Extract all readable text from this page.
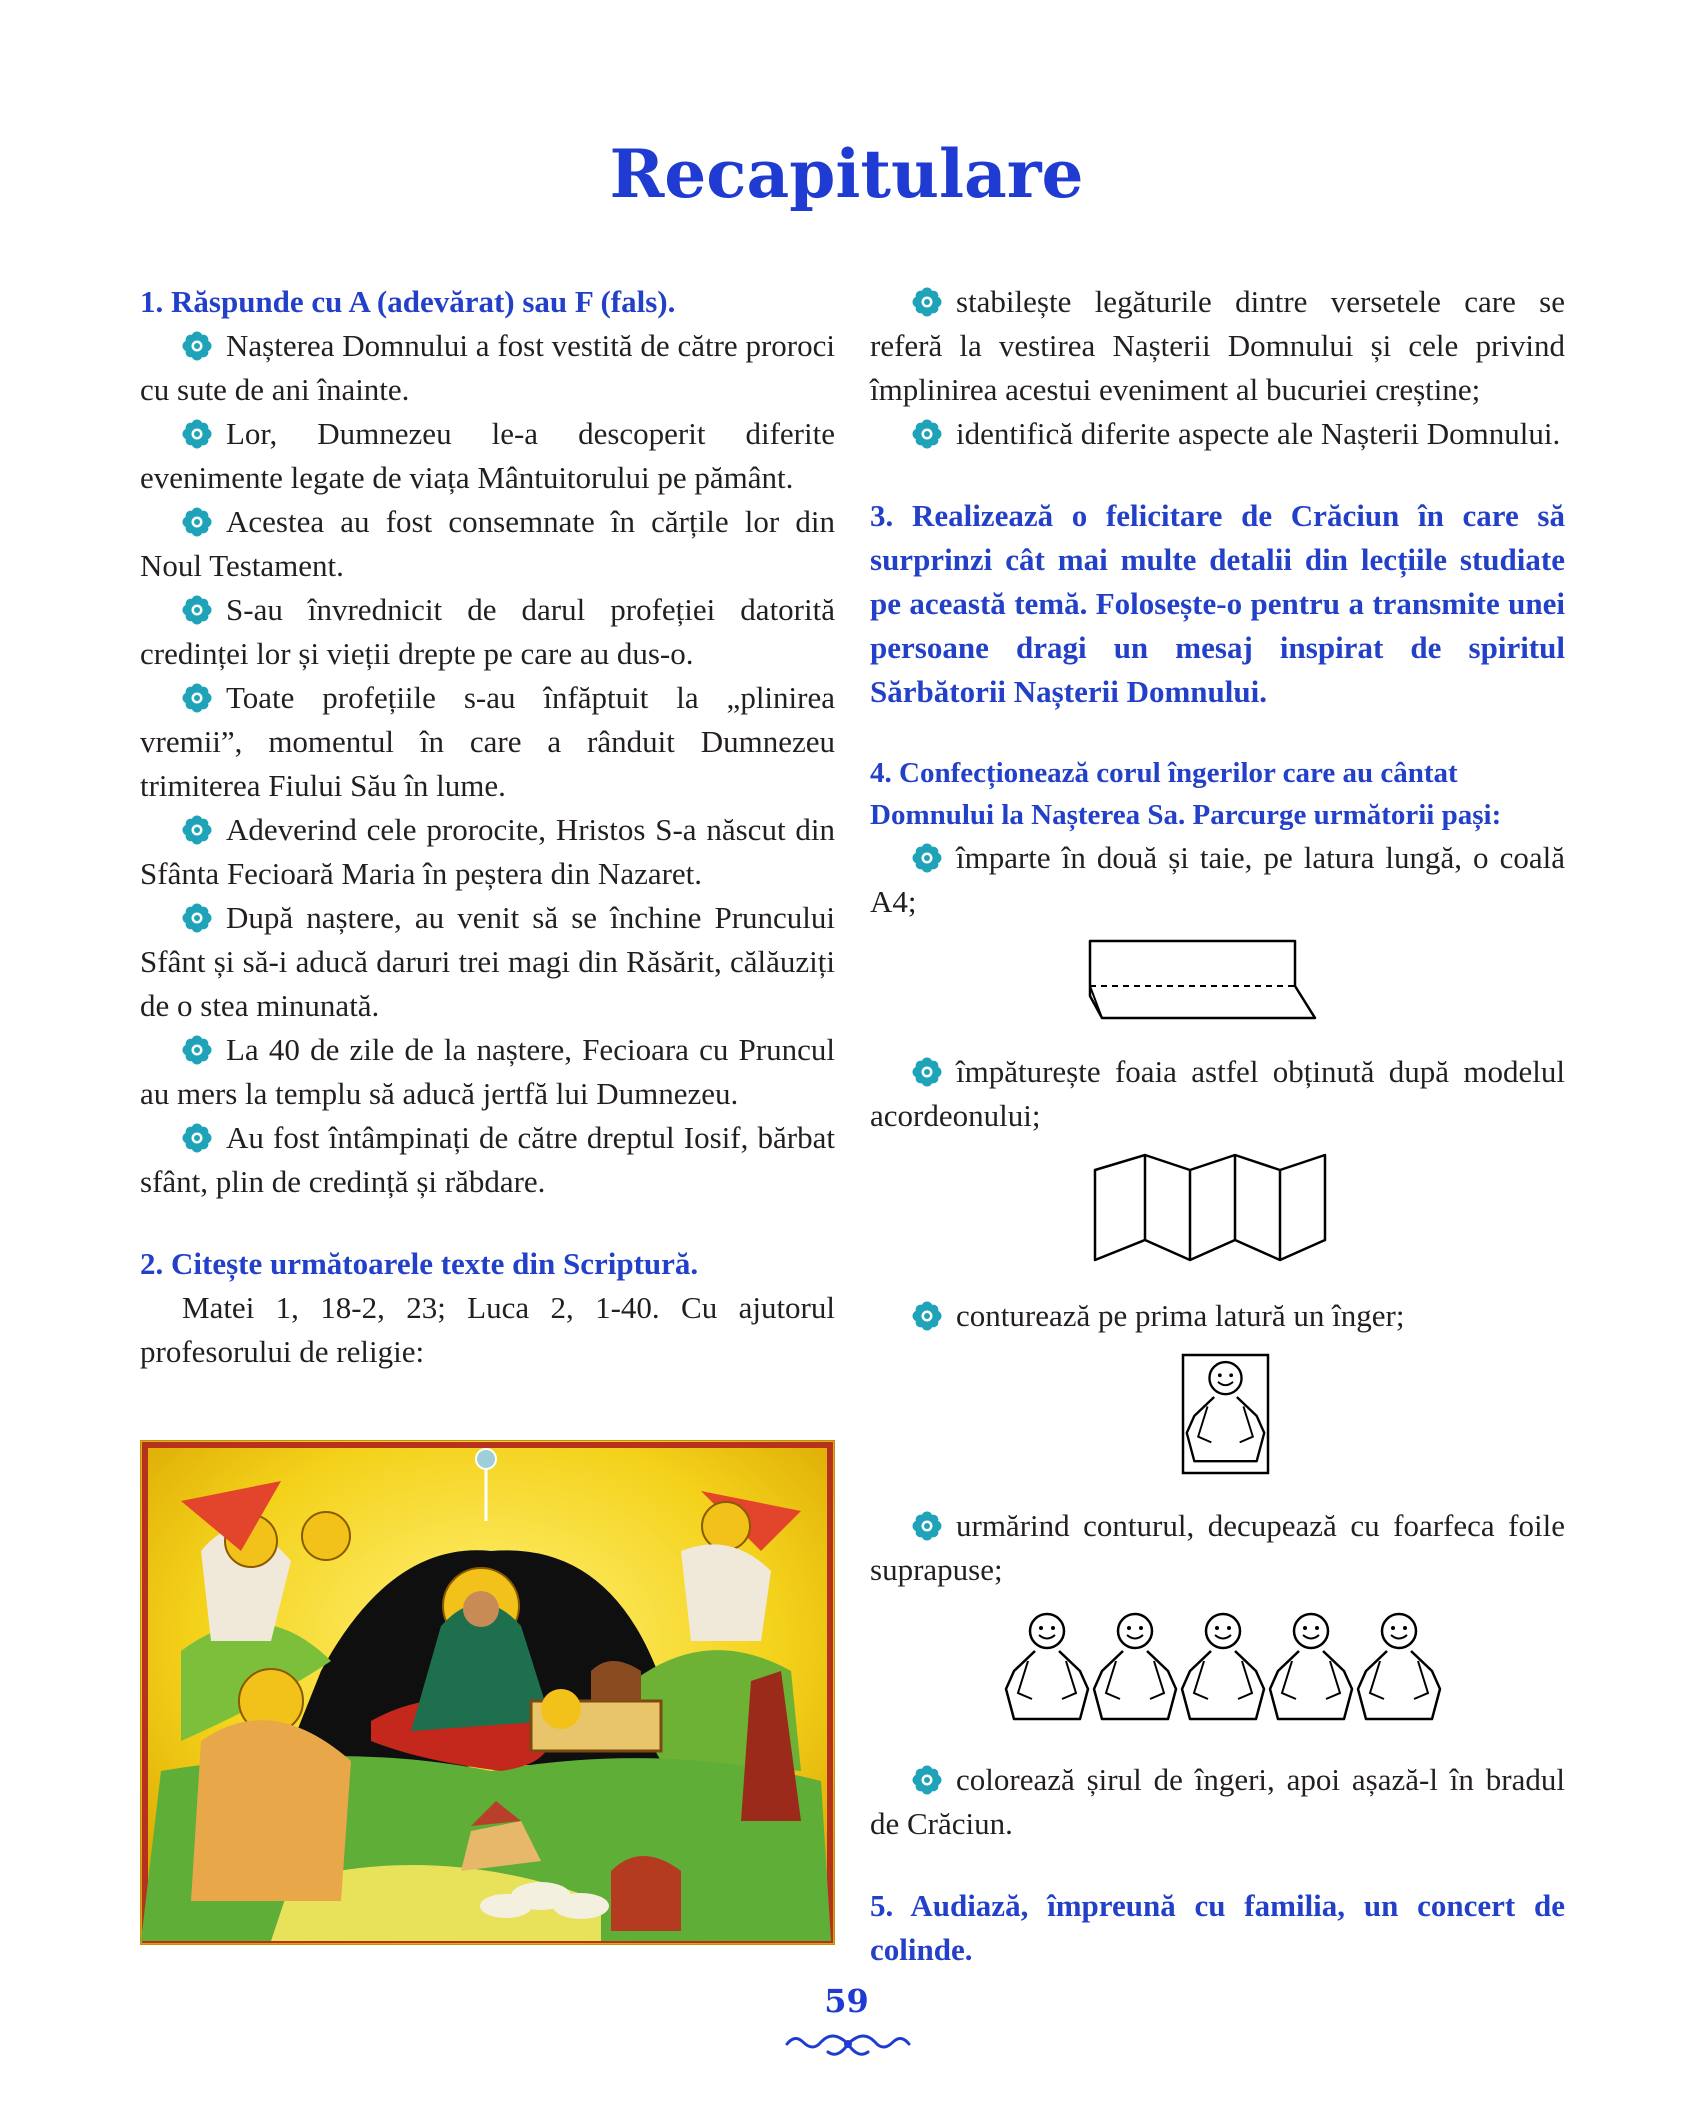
Recapitulare

1. Răspunde cu A (adevărat) sau F (fals).

Nașterea Domnului a fost vestită de către proroci cu sute de ani înainte.

Lor, Dumnezeu le-a descoperit diferite evenimente legate de viața Mântuitorului pe pământ.

Acestea au fost consemnate în cărțile lor din Noul Testament.

S-au învrednicit de darul profeției datorită credinței lor și vieții drepte pe care au dus-o.

Toate profețiile s-au înfăptuit la „plinirea vremii”, momentul în care a rânduit Dumnezeu trimiterea Fiului Său în lume.

Adeverind cele prorocite, Hristos S-a născut din Sfânta Fecioară Maria în peștera din Nazaret.

După naștere, au venit să se închine Pruncului Sfânt și să-i aducă daruri trei magi din Răsărit, călăuziți de o stea minunată.

La 40 de zile de la naștere, Fecioara cu Pruncul au mers la templu să aducă jertfă lui Dumnezeu.

Au fost întâmpinați de către dreptul Iosif, bărbat sfânt, plin de credință și răbdare.

2. Citește următoarele texte din Scriptură.

Matei 1, 18-2, 23; Luca 2, 1-40. Cu ajutorul profesorului de religie:

stabilește legăturile dintre versetele care se referă la vestirea Nașterii Domnului și cele privind împlinirea acestui eveniment al bucuriei creștine;

identifică diferite aspecte ale Nașterii Domnului.

3. Realizează o felicitare de Crăciun în care să surprinzi cât mai multe detalii din lecțiile studiate pe această temă. Folosește-o pentru a transmite unei persoane dragi un mesaj inspirat de spiritul Sărbătorii Nașterii Domnului.

4. Confecționează corul îngerilor care au cântat Domnului la Nașterea Sa. Parcurge următorii pași:

împarte în două și taie, pe latura lungă, o coală A4;

împăturește foaia astfel obținută după modelul acordeonului;

conturează pe prima latură un înger;

urmărind conturul, decupează cu foarfeca foile suprapuse;

colorează șirul de îngeri, apoi așază-l în bradul de Crăciun.

5. Audiază, împreună cu familia, un concert de colinde.

59
